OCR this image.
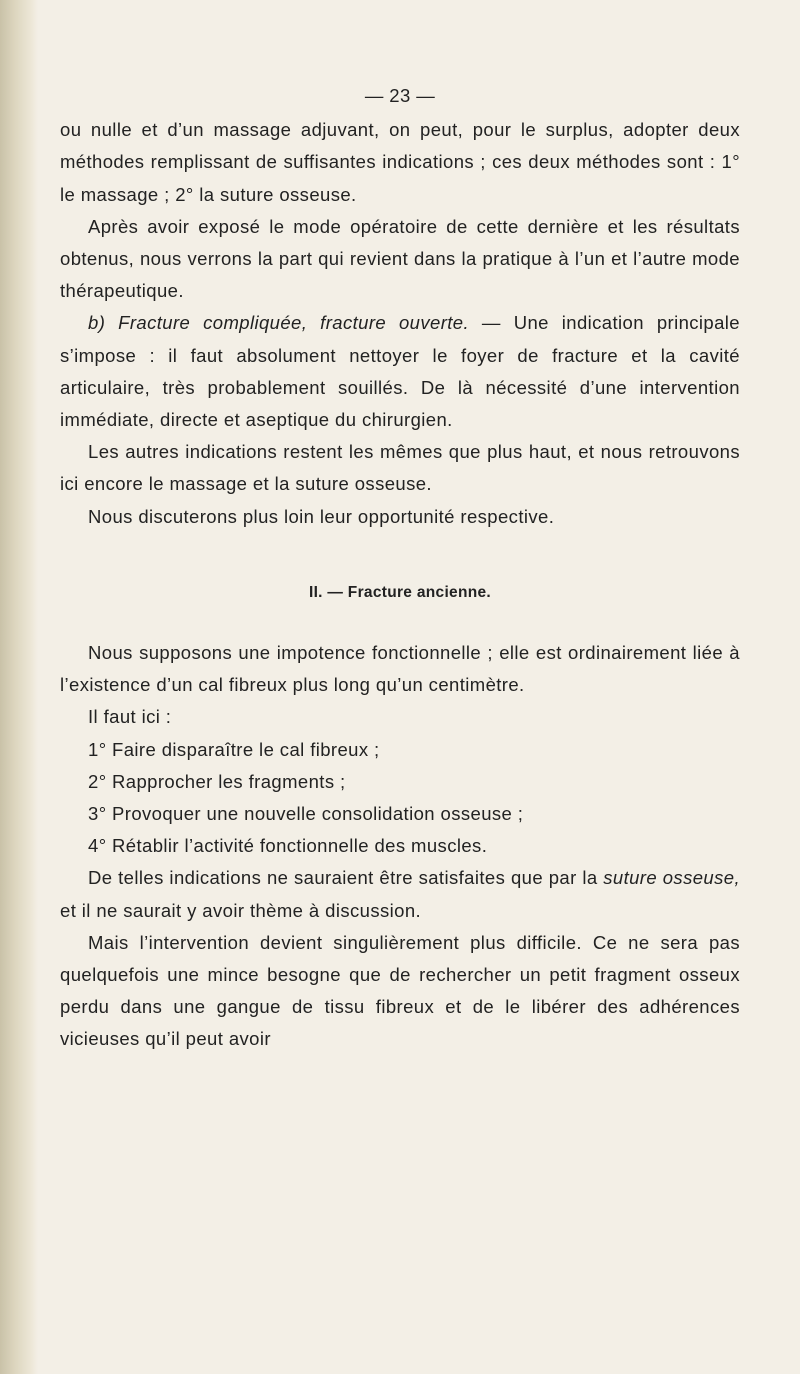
— 23 —

ou nulle et d’un massage adjuvant, on peut, pour le surplus, adopter deux méthodes remplissant de suffisantes indications ; ces deux méthodes sont : 1° le massage ; 2° la suture osseuse.

Après avoir exposé le mode opératoire de cette dernière et les résultats obtenus, nous verrons la part qui revient dans la pratique à l’un et l’autre mode thérapeutique.

b) Fracture compliquée, fracture ouverte. — Une indication principale s’impose : il faut absolument nettoyer le foyer de fracture et la cavité articulaire, très probablement souillés. De là nécessité d’une intervention immédiate, directe et aseptique du chirurgien.

Les autres indications restent les mêmes que plus haut, et nous retrouvons ici encore le massage et la suture osseuse.

Nous discuterons plus loin leur opportunité respective.

II. — Fracture ancienne.

Nous supposons une impotence fonctionnelle ; elle est ordinairement liée à l’existence d’un cal fibreux plus long qu’un centimètre.

Il faut ici :

1° Faire disparaître le cal fibreux ;

2° Rapprocher les fragments ;

3° Provoquer une nouvelle consolidation osseuse ;

4° Rétablir l’activité fonctionnelle des muscles.

De telles indications ne sauraient être satisfaites que par la suture osseuse, et il ne saurait y avoir thème à discussion.

Mais l’intervention devient singulièrement plus difficile. Ce ne sera pas quelquefois une mince besogne que de rechercher un petit fragment osseux perdu dans une gangue de tissu fibreux et de le libérer des adhérences vicieuses qu’il peut avoir
